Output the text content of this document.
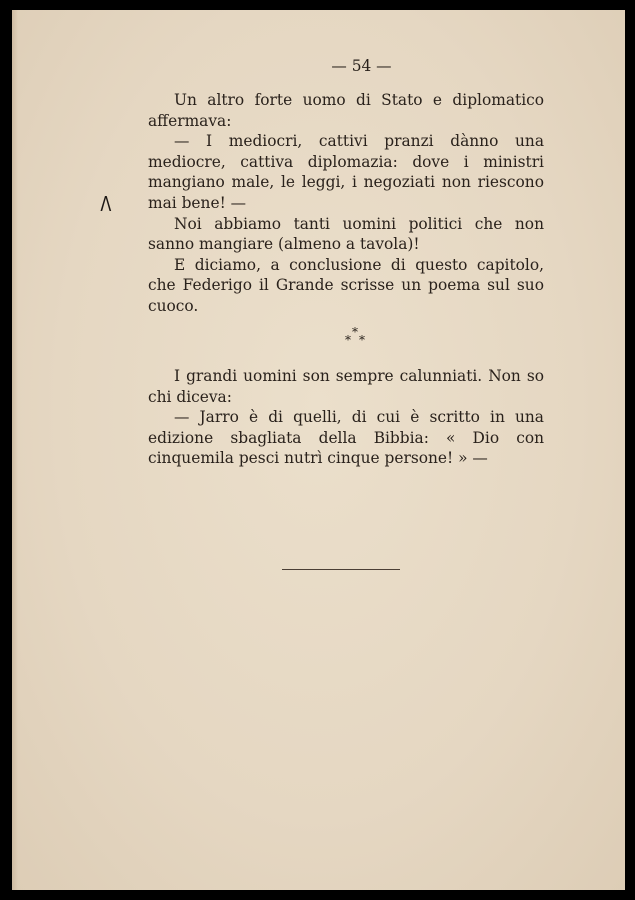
— 54 —

Un altro forte uomo di Stato e diplomatico affermava:

— I mediocri, cattivi pranzi dànno una mediocre, cattiva diplomazia: dove i ministri mangiano male, le leggi, i negoziati non riescono mai bene! —

Noi abbiamo tanti uomini politici che non sanno mangiare (almeno a tavola)!

E diciamo, a conclusione di questo capitolo, che Federigo il Grande scrisse un poema sul suo cuoco.

*
* *

I grandi uomini son sempre calunniati. Non so chi diceva:

— Jarro è di quelli, di cui è scritto in una edizione sbagliata della Bibbia: « Dio con cinquemila pesci nutrì cinque persone! » —

Λ
